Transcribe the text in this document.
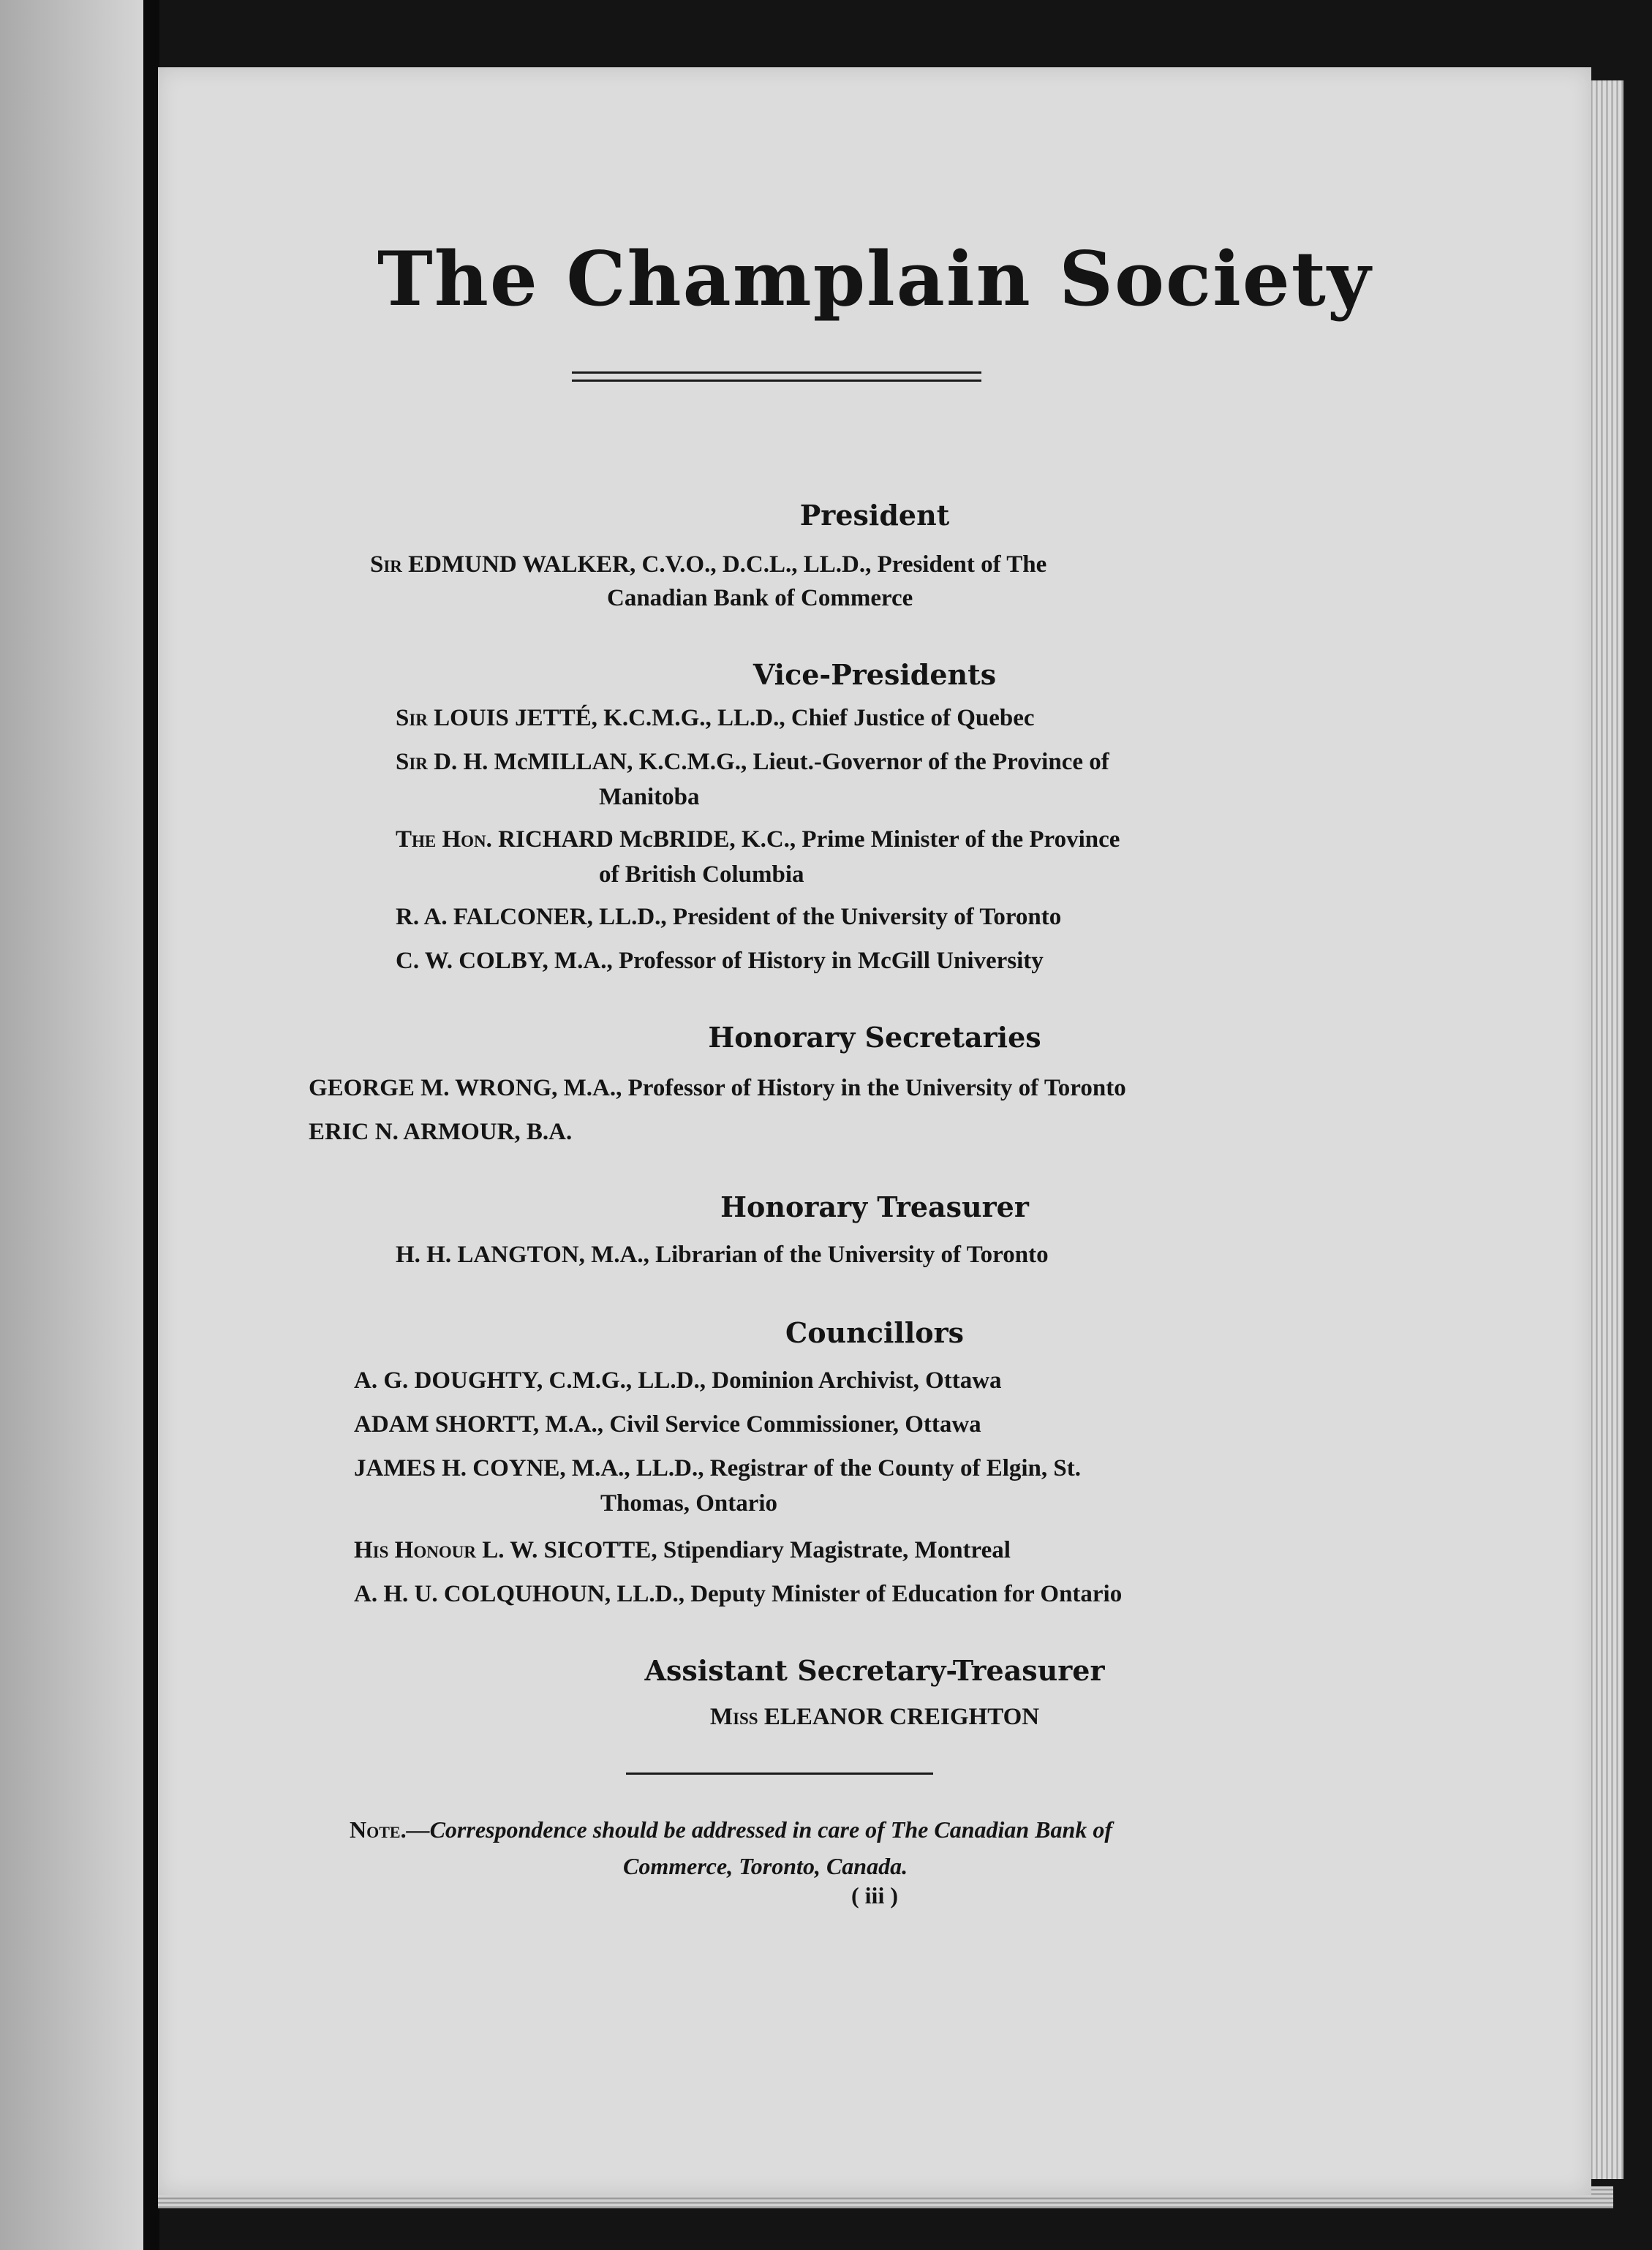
The Champlain Society
President
Sir EDMUND WALKER, C.V.O., D.C.L., LL.D., President of The
Canadian Bank of Commerce
Vice-Presidents
Sir LOUIS JETTÉ, K.C.M.G., LL.D., Chief Justice of Quebec
Sir D. H. McMILLAN, K.C.M.G., Lieut.-Governor of the Province of
Manitoba
The Hon. RICHARD McBRIDE, K.C., Prime Minister of the Province
of British Columbia
R. A. FALCONER, LL.D., President of the University of Toronto
C. W. COLBY, M.A., Professor of History in McGill University
Honorary Secretaries
GEORGE M. WRONG, M.A., Professor of History in the University of Toronto
ERIC N. ARMOUR, B.A.
Honorary Treasurer
H. H. LANGTON, M.A., Librarian of the University of Toronto
Councillors
A. G. DOUGHTY, C.M.G., LL.D., Dominion Archivist, Ottawa
ADAM SHORTT, M.A., Civil Service Commissioner, Ottawa
JAMES H. COYNE, M.A., LL.D., Registrar of the County of Elgin, St.
Thomas, Ontario
His Honour L. W. SICOTTE, Stipendiary Magistrate, Montreal
A. H. U. COLQUHOUN, LL.D., Deputy Minister of Education for Ontario
Assistant Secretary-Treasurer
Miss ELEANOR CREIGHTON
Note.—Correspondence should be addressed in care of The Canadian Bank of
Commerce, Toronto, Canada.
( iii )
